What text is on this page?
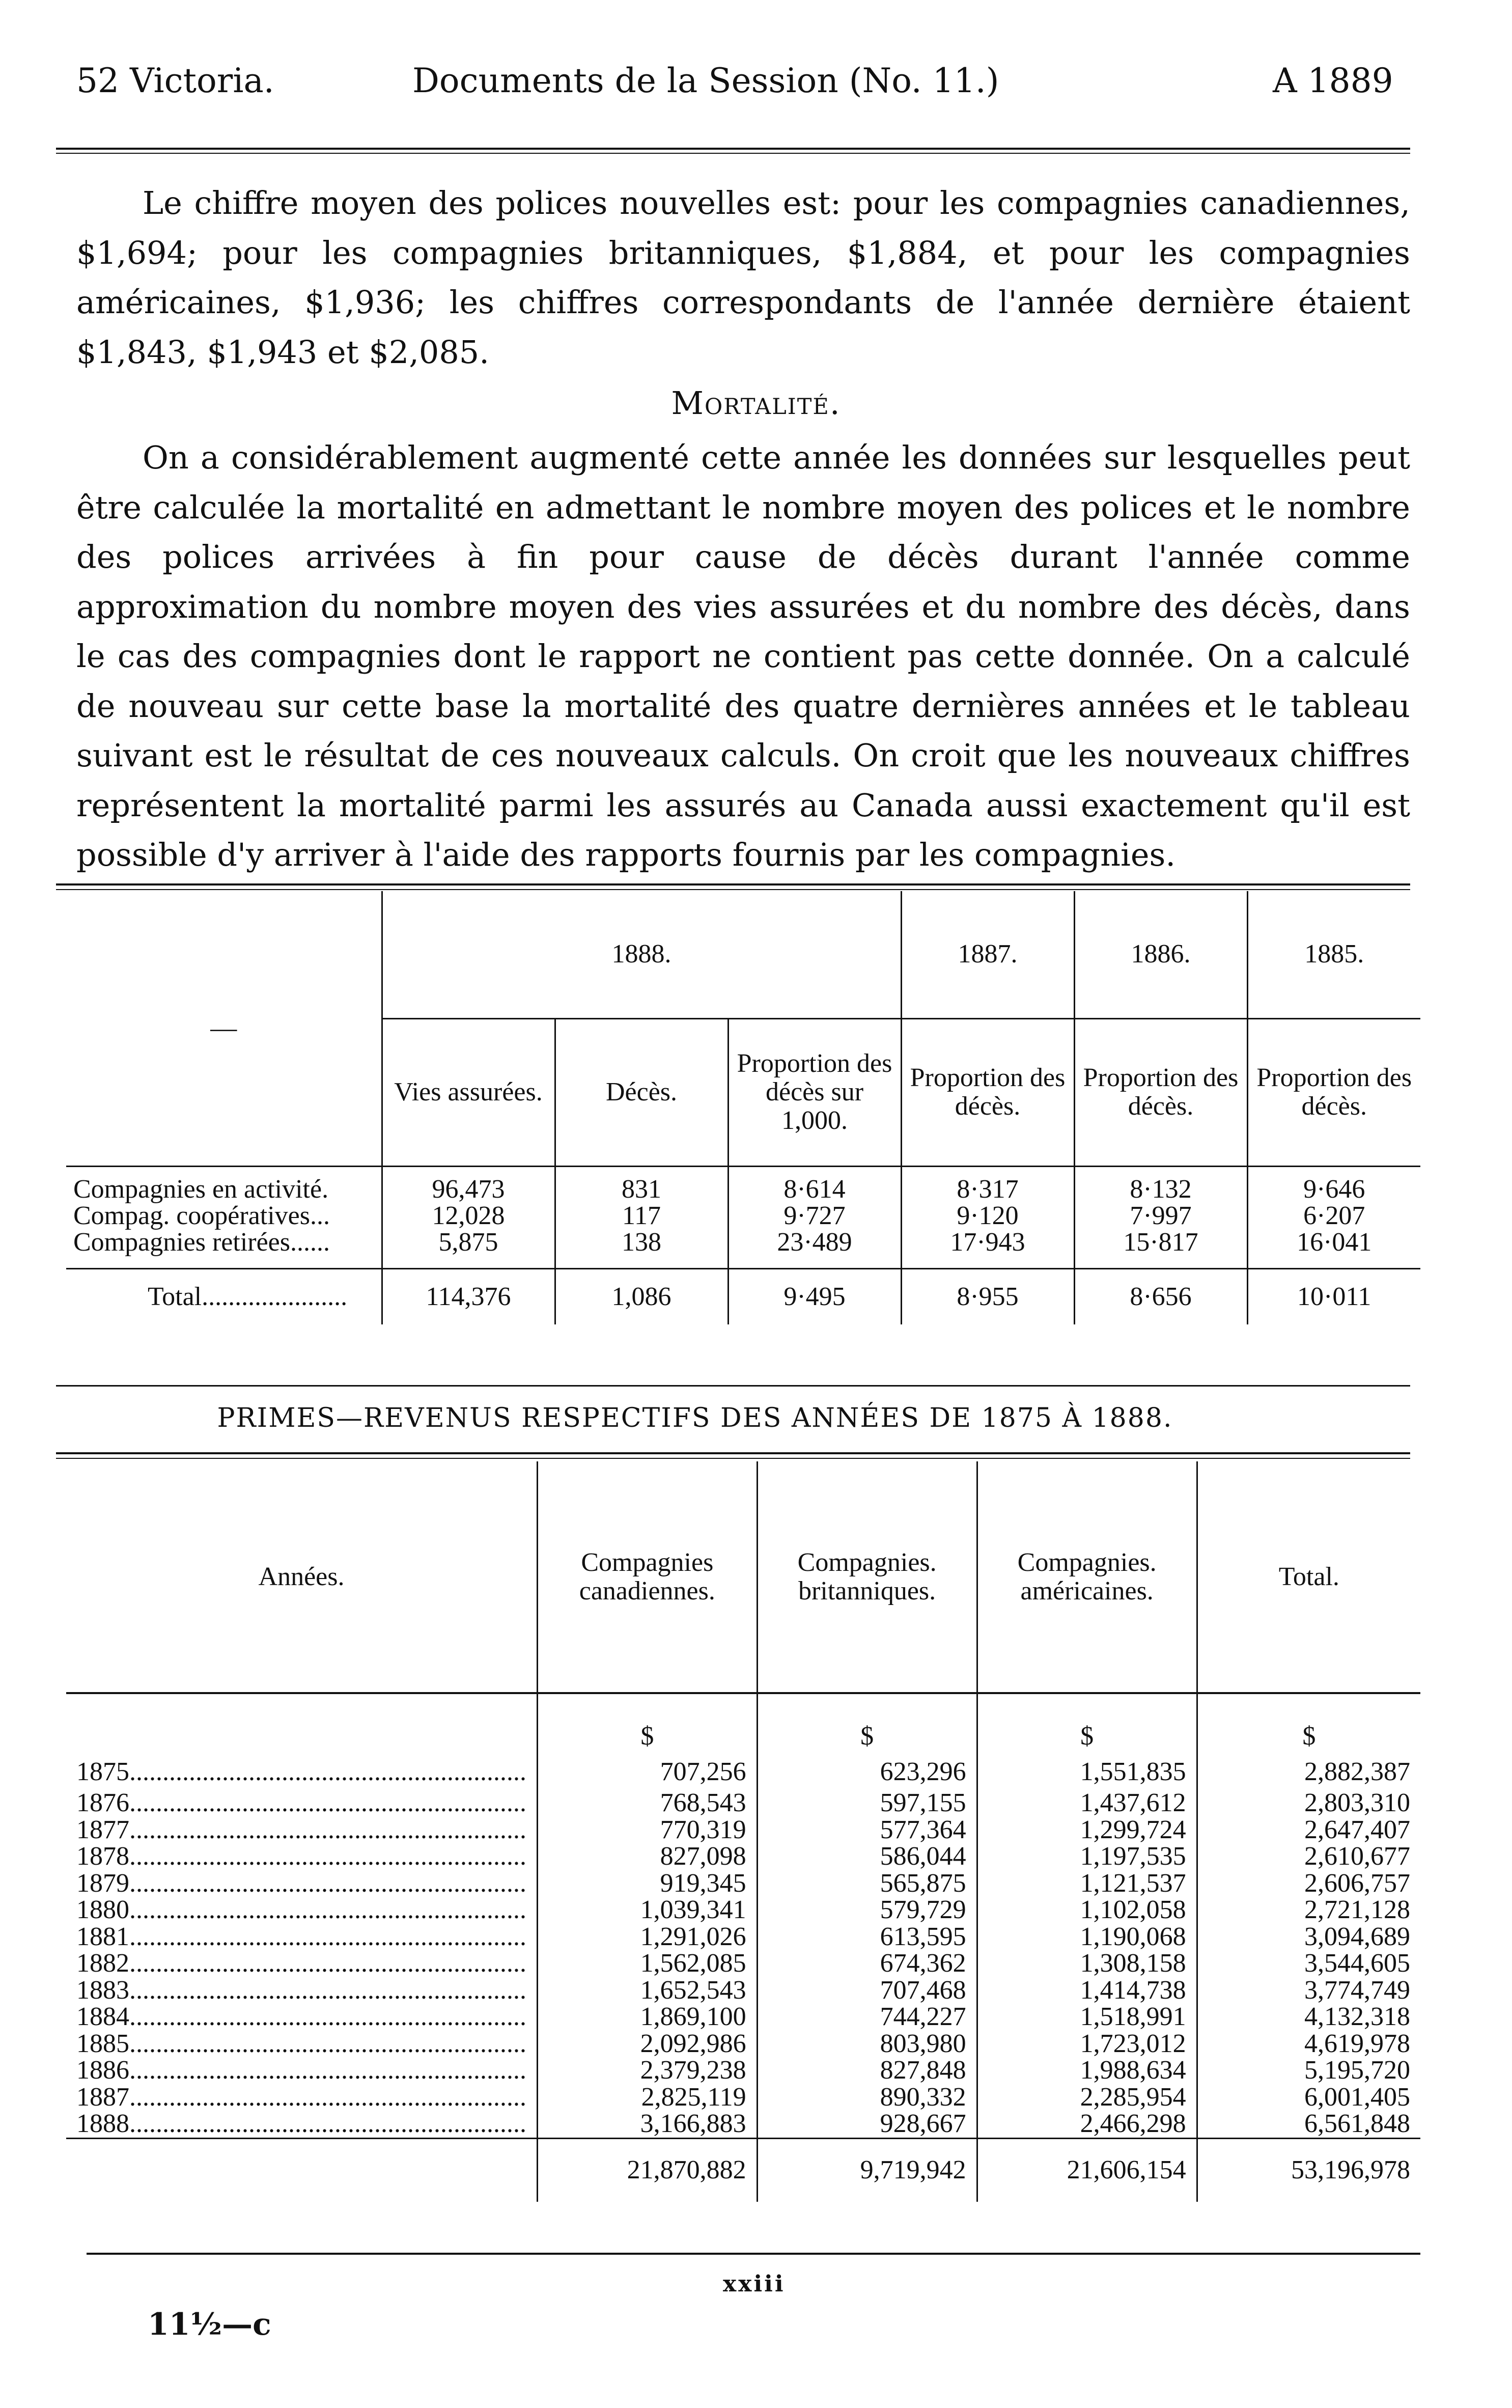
52 Victoria.	Documents de la Session (No. 11.)	A 1889

Le chiffre moyen des polices nouvelles est: pour les compagnies canadiennes, $1,694; pour les compagnies britanniques, $1,884, et pour les compagnies américaines, $1,936; les chiffres correspondants de l'année dernière étaient $1,843, $1,943 et $2,085.

Mortalité.

On a considérablement augmenté cette année les données sur lesquelles peut être calculée la mortalité en admettant le nombre moyen des polices et le nombre des polices arrivées à fin pour cause de décès durant l'année comme approximation du nombre moyen des vies assurées et du nombre des décès, dans le cas des compagnies dont le rapport ne contient pas cette donnée. On a calculé de nouveau sur cette base la mortalité des quatre dernières années et le tableau suivant est le résultat de ces nouveaux calculs. On croit que les nouveaux chiffres représentent la mortalité parmi les assurés au Canada aussi exactement qu'il est possible d'y arriver à l'aide des rapports fournis par les compagnies.

—	1888.			1887.	1886.	1885.
	Vies assurées.	Décès.	Proportion des décès sur 1,000.	Proportion des décès.	Proportion des décès.	Proportion des décès.
Compagnies en activité.	96,473	831	8·614	8·317	8·132	9·646
Compag. coopératives...	12,028	117	9·727	9·120	7·997	6·207
Compagnies retirées......	5,875	138	23·489	17·943	15·817	16·041
Total......................	114,376	1,086	9·495	8·955	8·656	10·011
PRIMES—REVENUS RESPECTIFS DES ANNÉES DE 1875 À 1888.
Années.	Compagnies canadiennes.	Compagnies. britanniques.	Compagnies. américaines.	Total.
	$	$	$	$
1875............................................................	707,256	623,296	1,551,835	2,882,387
1876............................................................	768,543	597,155	1,437,612	2,803,310
1877............................................................	770,319	577,364	1,299,724	2,647,407
1878............................................................	827,098	586,044	1,197,535	2,610,677
1879............................................................	919,345	565,875	1,121,537	2,606,757
1880............................................................	1,039,341	579,729	1,102,058	2,721,128
1881............................................................	1,291,026	613,595	1,190,068	3,094,689
1882............................................................	1,562,085	674,362	1,308,158	3,544,605
1883............................................................	1,652,543	707,468	1,414,738	3,774,749
1884............................................................	1,869,100	744,227	1,518,991	4,132,318
1885............................................................	2,092,986	803,980	1,723,012	4,619,978
1886............................................................	2,379,238	827,848	1,988,634	5,195,720
1887............................................................	2,825,119	890,332	2,285,954	6,001,405
1888............................................................	3,166,883	928,667	2,466,298	6,561,848
	21,870,882	9,719,942	21,606,154	53,196,978
xxiii
11½—c
